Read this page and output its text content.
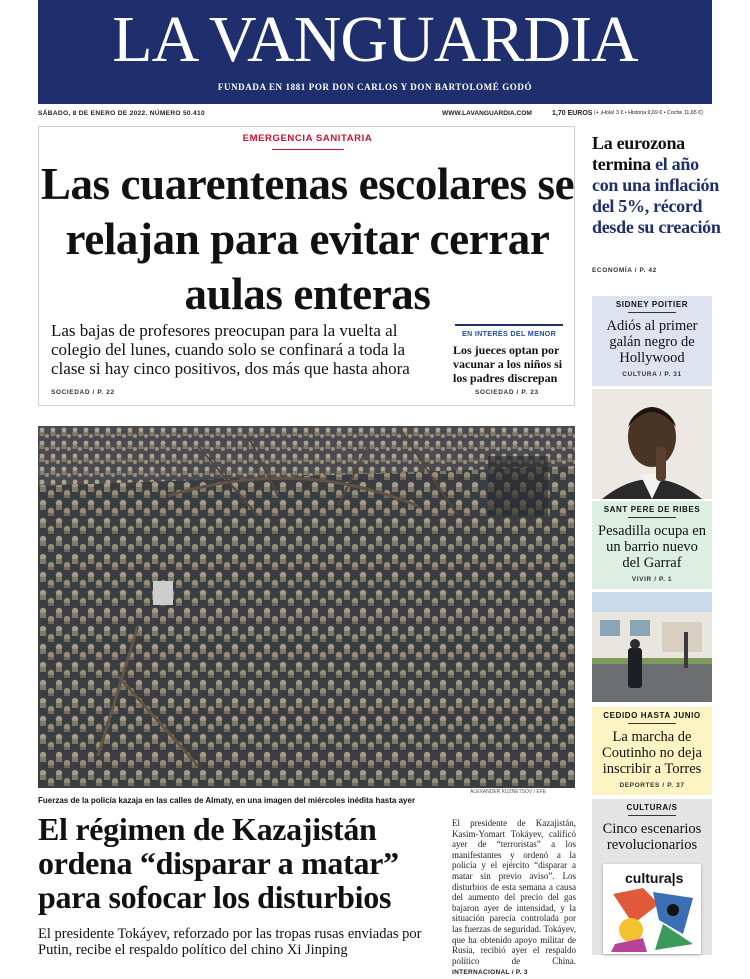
LA VANGUARDIA
FUNDADA EN 1881 POR DON CARLOS Y DON BARTOLOMÉ GODÓ
SÁBADO, 8 DE ENERO DE 2022. NÚMERO 50.410	WWW.LAVANGUARDIA.COM	1,70 EUROS (+ ¡Hola! 3 € • Historia 9,69 € • Coche 11,65 €)
EMERGENCIA SANITARIA
Las cuarentenas escolares se relajan para evitar cerrar aulas enteras
Las bajas de profesores preocupan para la vuelta al colegio del lunes, cuando solo se confinará a toda la clase si hay cinco positivos, dos más que hasta ahora
SOCIEDAD / P. 22
EN INTERÉS DEL MENOR
Los jueces optan por vacunar a los niños si los padres discrepan
SOCIEDAD / P. 23
ALEXANDER KUZNETSOV / EFE
Fuerzas de la policía kazaja en las calles de Almaty, en una imagen del miércoles inédita hasta ayer
El régimen de Kazajistán ordena “disparar a matar” para sofocar los disturbios
El presidente Tokáyev, reforzado por las tropas rusas enviadas por Putin, recibe el respaldo político del chino Xi Jinping
El presidente de Kazajistán, Kasim-Yomart Tokáyev, calificó ayer de “terroristas” a los manifestantes y ordenó a la policía y el ejército “disparar a matar sin previo aviso”. Los disturbios de esta semana a causa del aumento del precio del gas bajaron ayer de intensidad, y la situación parecía controlada por las fuerzas de seguridad. Tokáyev, que ha obtenido apoyo militar de Rusia, recibió ayer el respaldo político de China. INTERNACIONAL / P. 3
La eurozona termina el año con una inflación del 5%, récord desde su creación
ECONOMÍA / P. 42
SIDNEY POITIER
Adiós al primer galán negro de Hollywood
CULTURA / P. 31
SANT PERE DE RIBES
Pesadilla ocupa en un barrio nuevo del Garraf
VIVIR / P. 1
CEDIDO HASTA JUNIO
La marcha de Coutinho no deja inscribir a Torres
DEPORTES / P. 37
CULTURA/S
Cinco escenarios revolucionarios
cultura|s
